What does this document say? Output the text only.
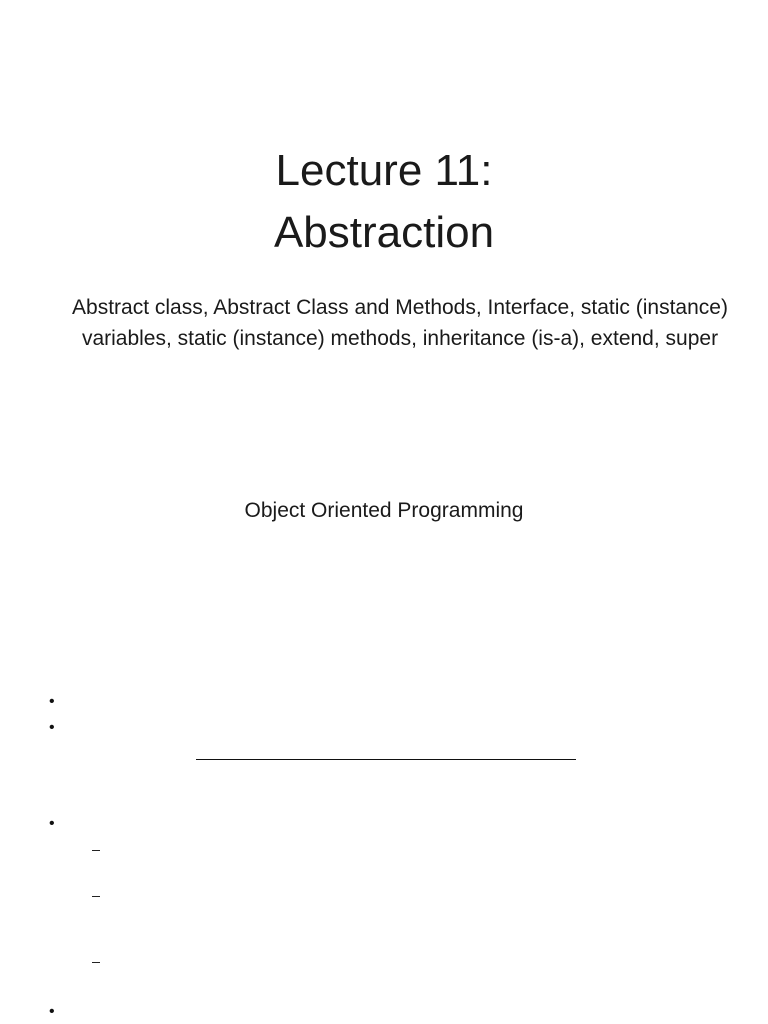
Lecture 11:
Abstraction
Abstract class, Abstract Class and Methods, Interface, static (instance) variables, static (instance) methods, inheritance (is-a), extend, super
Object Oriented Programming
•
•
•
•
